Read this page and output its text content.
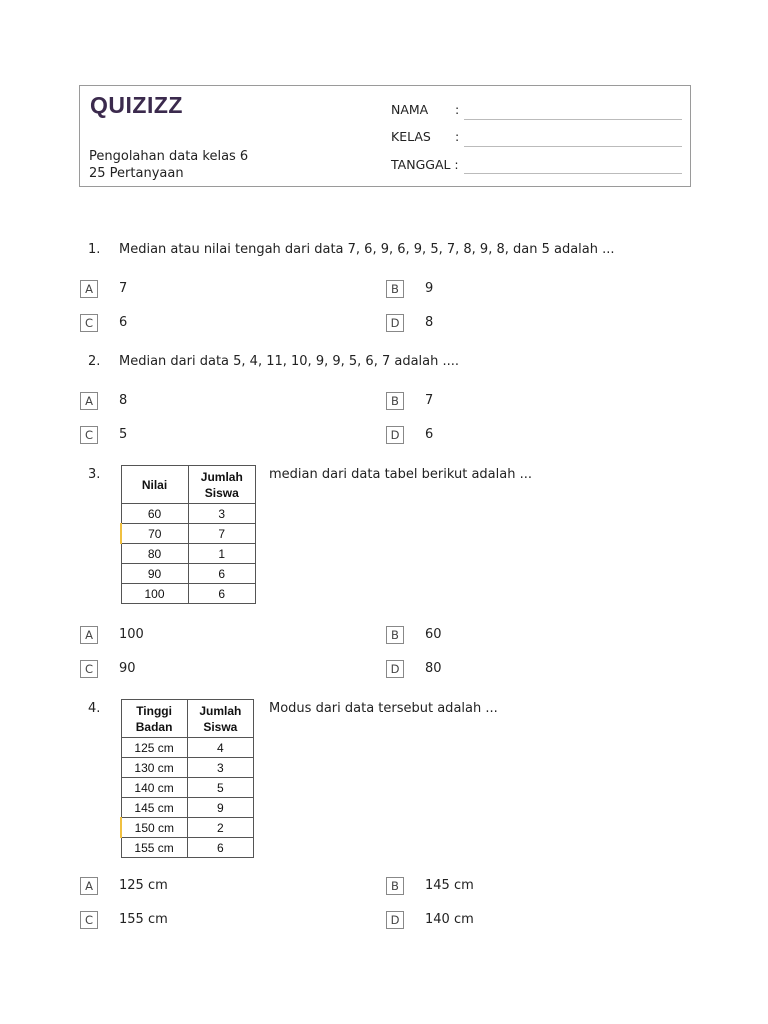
QUIZIZZ
Pengolahan data kelas 6
25 Pertanyaan
NAMA :
KELAS :
TANGGAL :
1. Median atau nilai tengah dari data 7, 6, 9, 6, 9, 5, 7, 8, 9, 8, dan 5 adalah ...
A	7	B	9
C	6	D	8
2. Median dari data 5, 4, 11, 10, 9, 9, 5, 6, 7 adalah ....
A	8	B	7
C	5	D	6
3.
Nilai	Jumlah Siswa
60	3
70	7
80	1
90	6
100	6
median dari data tabel berikut adalah ...
A	100	B	60
C	90	D	80
4.	Tinggi Badan	Jumlah Siswa
125 cm	4
130 cm	3
140 cm	5
145 cm	9
150 cm	2
155 cm	6
Modus dari data tersebut adalah ...
A	125 cm	B	145 cm
C	155 cm	D	140 cm
